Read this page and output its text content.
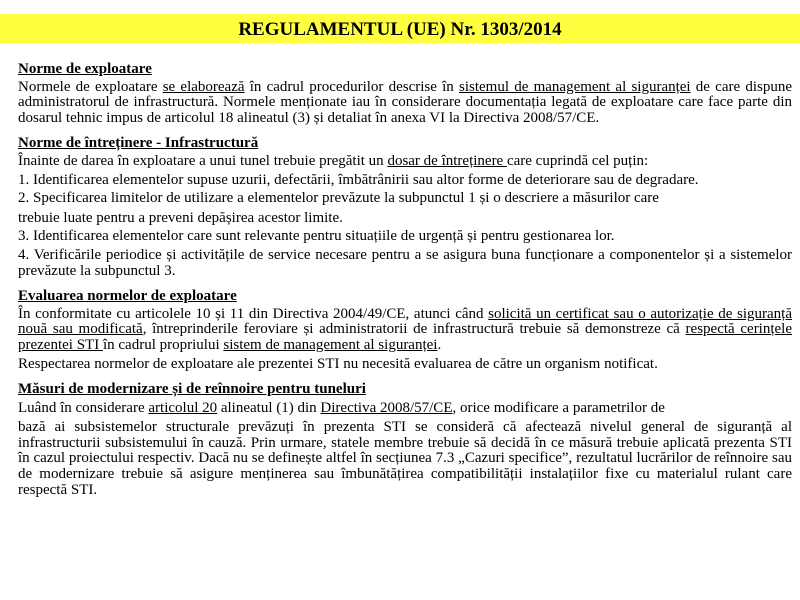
REGULAMENTUL (UE) Nr. 1303/2014
Norme de exploatare
Normele de exploatare se elaborează în cadrul procedurilor descrise în sistemul de management al siguranței de care dispune administratorul de infrastructură. Normele menționate iau în considerare documentația legată de exploatare care face parte din dosarul tehnic impus de articolul 18 alineatul (3) și detaliat în anexa VI la Directiva 2008/57/CE.
Norme de întreținere - Infrastructură
Înainte de darea în exploatare a unui tunel trebuie pregătit un dosar de întreținere care cuprindă cel puțin:
1. Identificarea elementelor supuse uzurii, defectării, îmbătrânirii sau altor forme de deteriorare sau de degradare.
2. Specificarea limitelor de utilizare a elementelor prevăzute la subpunctul 1 și o descriere a măsurilor care
trebuie luate pentru a preveni depășirea acestor limite.
3. Identificarea elementelor care sunt relevante pentru situațiile de urgență și pentru gestionarea lor.
4. Verificările periodice și activitățile de service necesare pentru a se asigura buna funcționare a componentelor și a sistemelor prevăzute la subpunctul 3.
Evaluarea normelor de exploatare
În conformitate cu articolele 10 și 11 din Directiva 2004/49/CE, atunci când solicită un certificat sau o autorizație de siguranță nouă sau modificată, întreprinderile feroviare și administratorii de infrastructură trebuie să demonstreze că respectă cerințele prezentei STI în cadrul propriului sistem de management al siguranței.
Respectarea normelor de exploatare ale prezentei STI nu necesită evaluarea de către un organism notificat.
Măsuri de modernizare și de reînnoire pentru tuneluri
Luând în considerare articolul 20 alineatul (1) din Directiva 2008/57/CE, orice modificare a parametrilor de
bază ai subsistemelor structurale prevăzuți în prezenta STI se consideră că afectează nivelul general de siguranță al infrastructurii subsistemului în cauză. Prin urmare, statele membre trebuie să decidă în ce măsură trebuie aplicată prezenta STI în cazul proiectului respectiv. Dacă nu se definește altfel în secțiunea 7.3 „Cazuri specifice”, rezultatul lucrărilor de reînnoire sau de modernizare trebuie să asigure menținerea sau îmbunătățirea compatibilității instalațiilor fixe cu materialul rulant care respectă STI.
